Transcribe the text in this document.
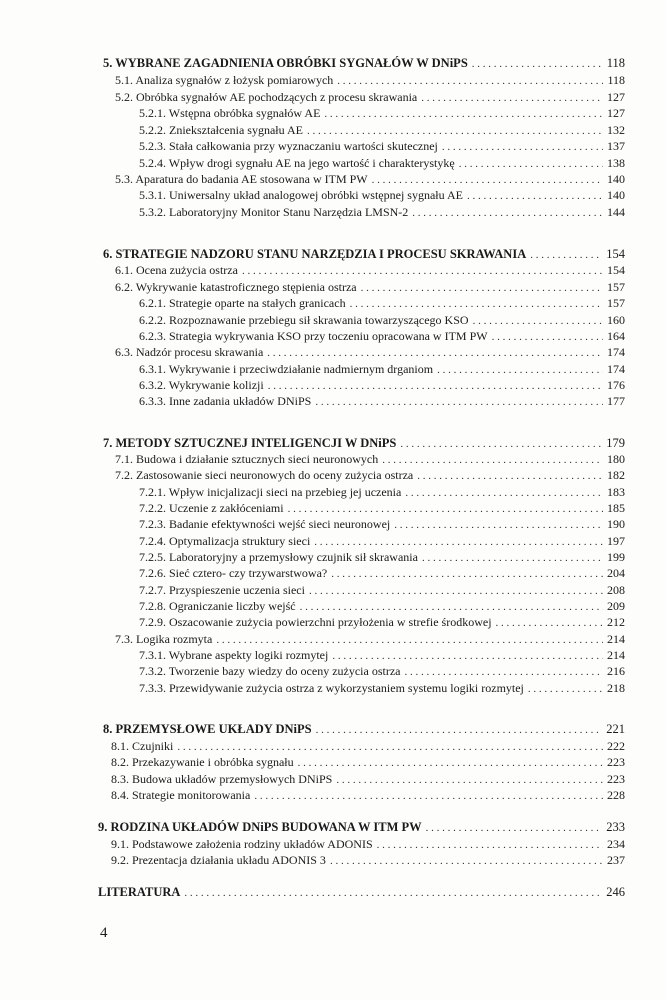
5. WYBRANE ZAGADNIENIA OBRÓBKI SYGNAŁÓW W DNiPS . . .	118
5.1. Analiza sygnałów z łożysk pomiarowych . . .	118
5.2. Obróbka sygnałów AE pochodzących z procesu skrawania . . .	127
5.2.1. Wstępna obróbka sygnałów AE . . .	127
5.2.2. Zniekształcenia sygnału AE . . .	132
5.2.3. Stała całkowania przy wyznaczaniu wartości skutecznej . . .	137
5.2.4. Wpływ drogi sygnału AE na jego wartość i charakterystykę . . .	138
5.3. Aparatura do badania AE stosowana w ITM PW . . .	140
5.3.1. Uniwersalny układ analogowej obróbki wstępnej sygnału AE . . .	140
5.3.2. Laboratoryjny Monitor Stanu Narzędzia LMSN-2 . . .	144
6. STRATEGIE NADZORU STANU NARZĘDZIA I PROCESU SKRAWANIA . . .	154
6.1. Ocena zużycia ostrza . . .	154
6.2. Wykrywanie katastroficznego stępienia ostrza . . .	157
6.2.1. Strategie oparte na stałych granicach . . .	157
6.2.2. Rozpoznawanie przebiegu sił skrawania towarzyszącego KSO . . .	160
6.2.3. Strategia wykrywania KSO przy toczeniu opracowana w ITM PW . . .	164
6.3. Nadzór procesu skrawania . . .	174
6.3.1. Wykrywanie i przeciwdziałanie nadmiernym drganiom . . .	174
6.3.2. Wykrywanie kolizji . . .	176
6.3.3. Inne zadania układów DNiPS . . .	177
7. METODY SZTUCZNEJ INTELIGENCJI W DNiPS . . .	179
7.1. Budowa i działanie sztucznych sieci neuronowych . . .	180
7.2. Zastosowanie sieci neuronowych do oceny zużycia ostrza . . .	182
7.2.1. Wpływ inicjalizacji sieci na przebieg jej uczenia . . .	183
7.2.2. Uczenie z zakłóceniami . . .	185
7.2.3. Badanie efektywności wejść sieci neuronowej . . .	190
7.2.4. Optymalizacja struktury sieci . . .	197
7.2.5. Laboratoryjny a przemysłowy czujnik sił skrawania . . .	199
7.2.6. Sieć cztero- czy trzywarstwowa? . . .	204
7.2.7. Przyspieszenie uczenia sieci . . .	208
7.2.8. Ograniczanie liczby wejść . . .	209
7.2.9. Oszacowanie zużycia powierzchni przyłożenia w strefie środkowej . . .	212
7.3. Logika rozmyta . . .	214
7.3.1. Wybrane aspekty logiki rozmytej . . .	214
7.3.2. Tworzenie bazy wiedzy do oceny zużycia ostrza . . .	216
7.3.3. Przewidywanie zużycia ostrza z wykorzystaniem systemu logiki rozmytej . . .	218
8. PRZEMYSŁOWE UKŁADY DNiPS . . .	221
8.1. Czujniki . . .	222
8.2. Przekazywanie i obróbka sygnału . . .	223
8.3. Budowa układów przemysłowych DNiPS . . .	223
8.4. Strategie monitorowania . . .	228
9. RODZINA UKŁADÓW DNiPS BUDOWANA W ITM PW . . .	233
9.1. Podstawowe założenia rodziny układów ADONIS . . .	234
9.2. Prezentacja działania układu ADONIS 3 . . .	237
LITERATURA . . .	246
4
